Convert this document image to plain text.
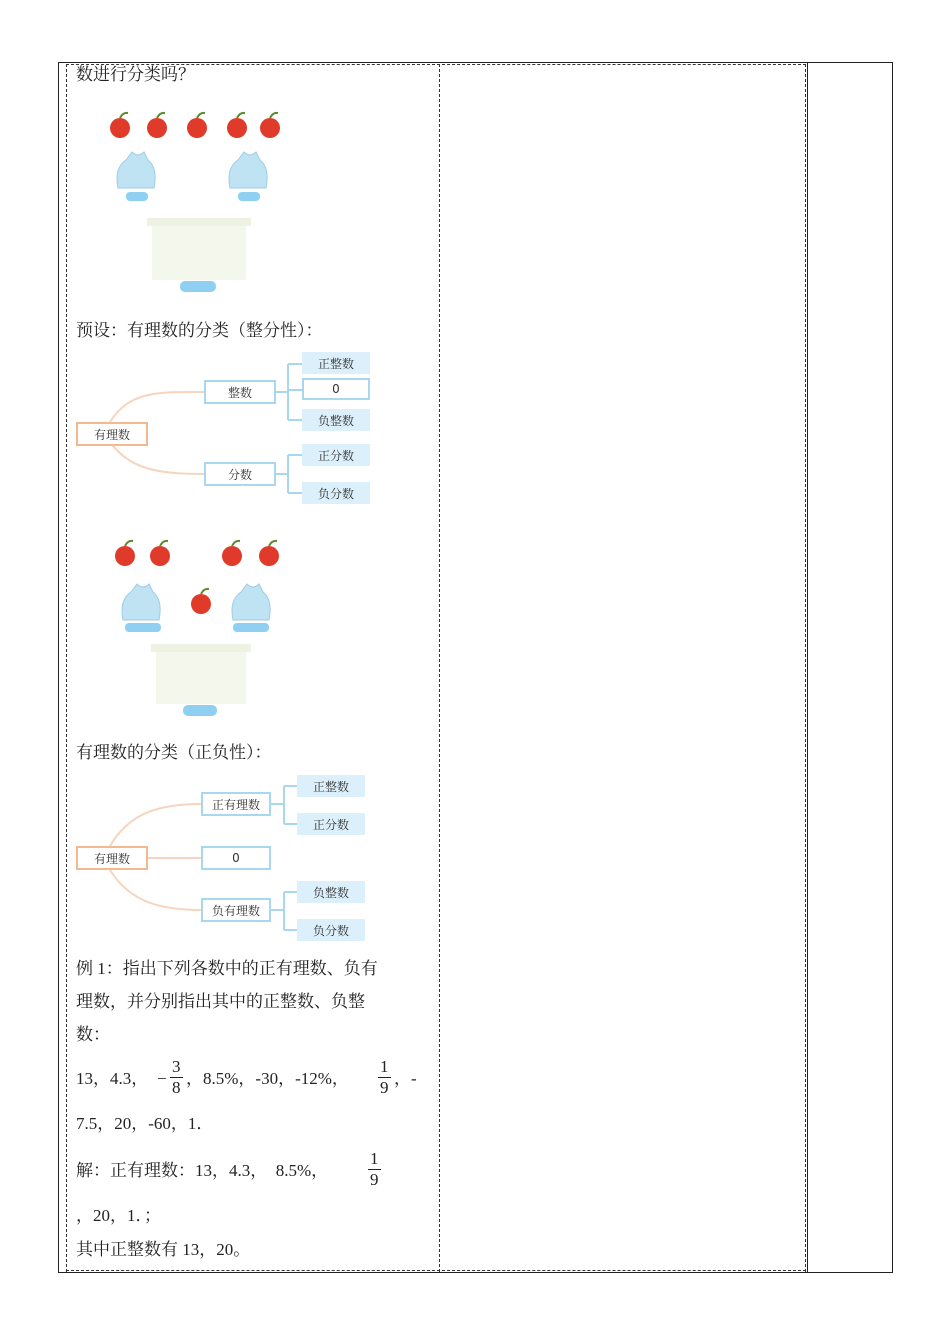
数进行分类吗？
预设：有理数的分类（整分性）：
有理数
整数
分数
正整数
0
负整数
正分数
负分数
有理数的分类（正负性）：
有理数
正有理数
0
负有理数
正整数
正分数
负整数
负分数
例 1：指出下列各数中的正有理数、负有
理数，并分别指出其中的正整数、负整
数：
13，4.3， − $\frac{3}{8}$ ，8.5%，-30，-12%， $\frac{1}{9}$ ，-
7.5，20，-60，1．
解：正有理数：13，4.3，  8.5%， $\frac{1}{9}$
，20，1．；
其中正整数有 13，20。
